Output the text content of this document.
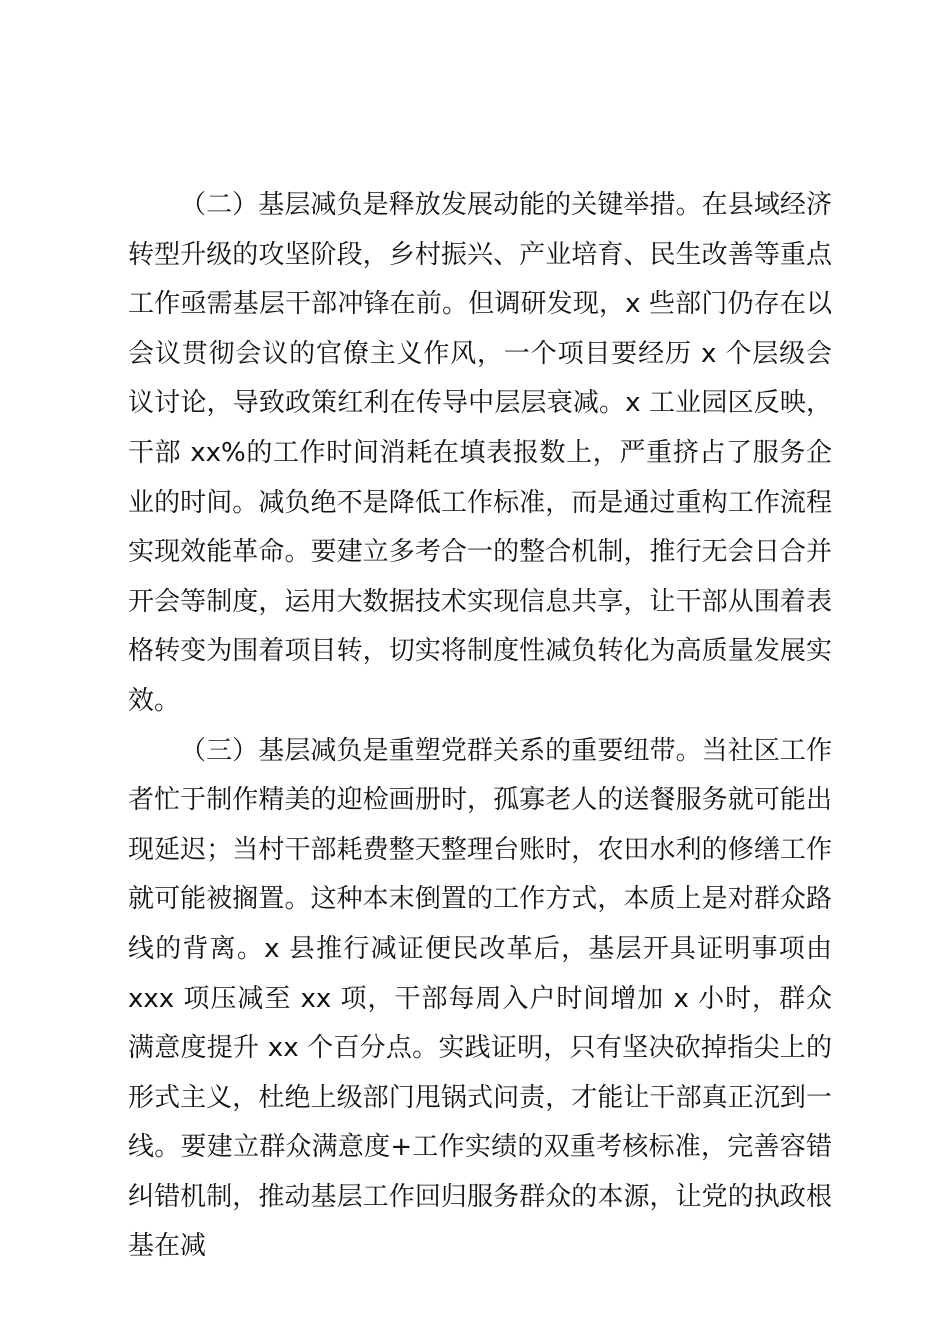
（二）基层减负是释放发展动能的关键举措。在县域经济转型升级的攻坚阶段，乡村振兴、产业培育、民生改善等重点工作亟需基层干部冲锋在前。但调研发现，x 些部门仍存在以会议贯彻会议的官僚主义作风，一个项目要经历 x 个层级会议讨论，导致政策红利在传导中层层衰减。x 工业园区反映，干部 xx%的工作时间消耗在填表报数上，严重挤占了服务企业的时间。减负绝不是降低工作标准，而是通过重构工作流程实现效能革命。要建立多考合一的整合机制，推行无会日合并开会等制度，运用大数据技术实现信息共享，让干部从围着表格转变为围着项目转，切实将制度性减负转化为高质量发展实效。

（三）基层减负是重塑党群关系的重要纽带。当社区工作者忙于制作精美的迎检画册时，孤寡老人的送餐服务就可能出现延迟；当村干部耗费整天整理台账时，农田水利的修缮工作就可能被搁置。这种本末倒置的工作方式，本质上是对群众路线的背离。x 县推行减证便民改革后，基层开具证明事项由 xxx 项压减至 xx 项，干部每周入户时间增加 x 小时，群众满意度提升 xx 个百分点。实践证明，只有坚决砍掉指尖上的形式主义，杜绝上级部门甩锅式问责，才能让干部真正沉到一线。要建立群众满意度+工作实绩的双重考核标准，完善容错纠错机制，推动基层工作回归服务群众的本源，让党的执政根基在减
